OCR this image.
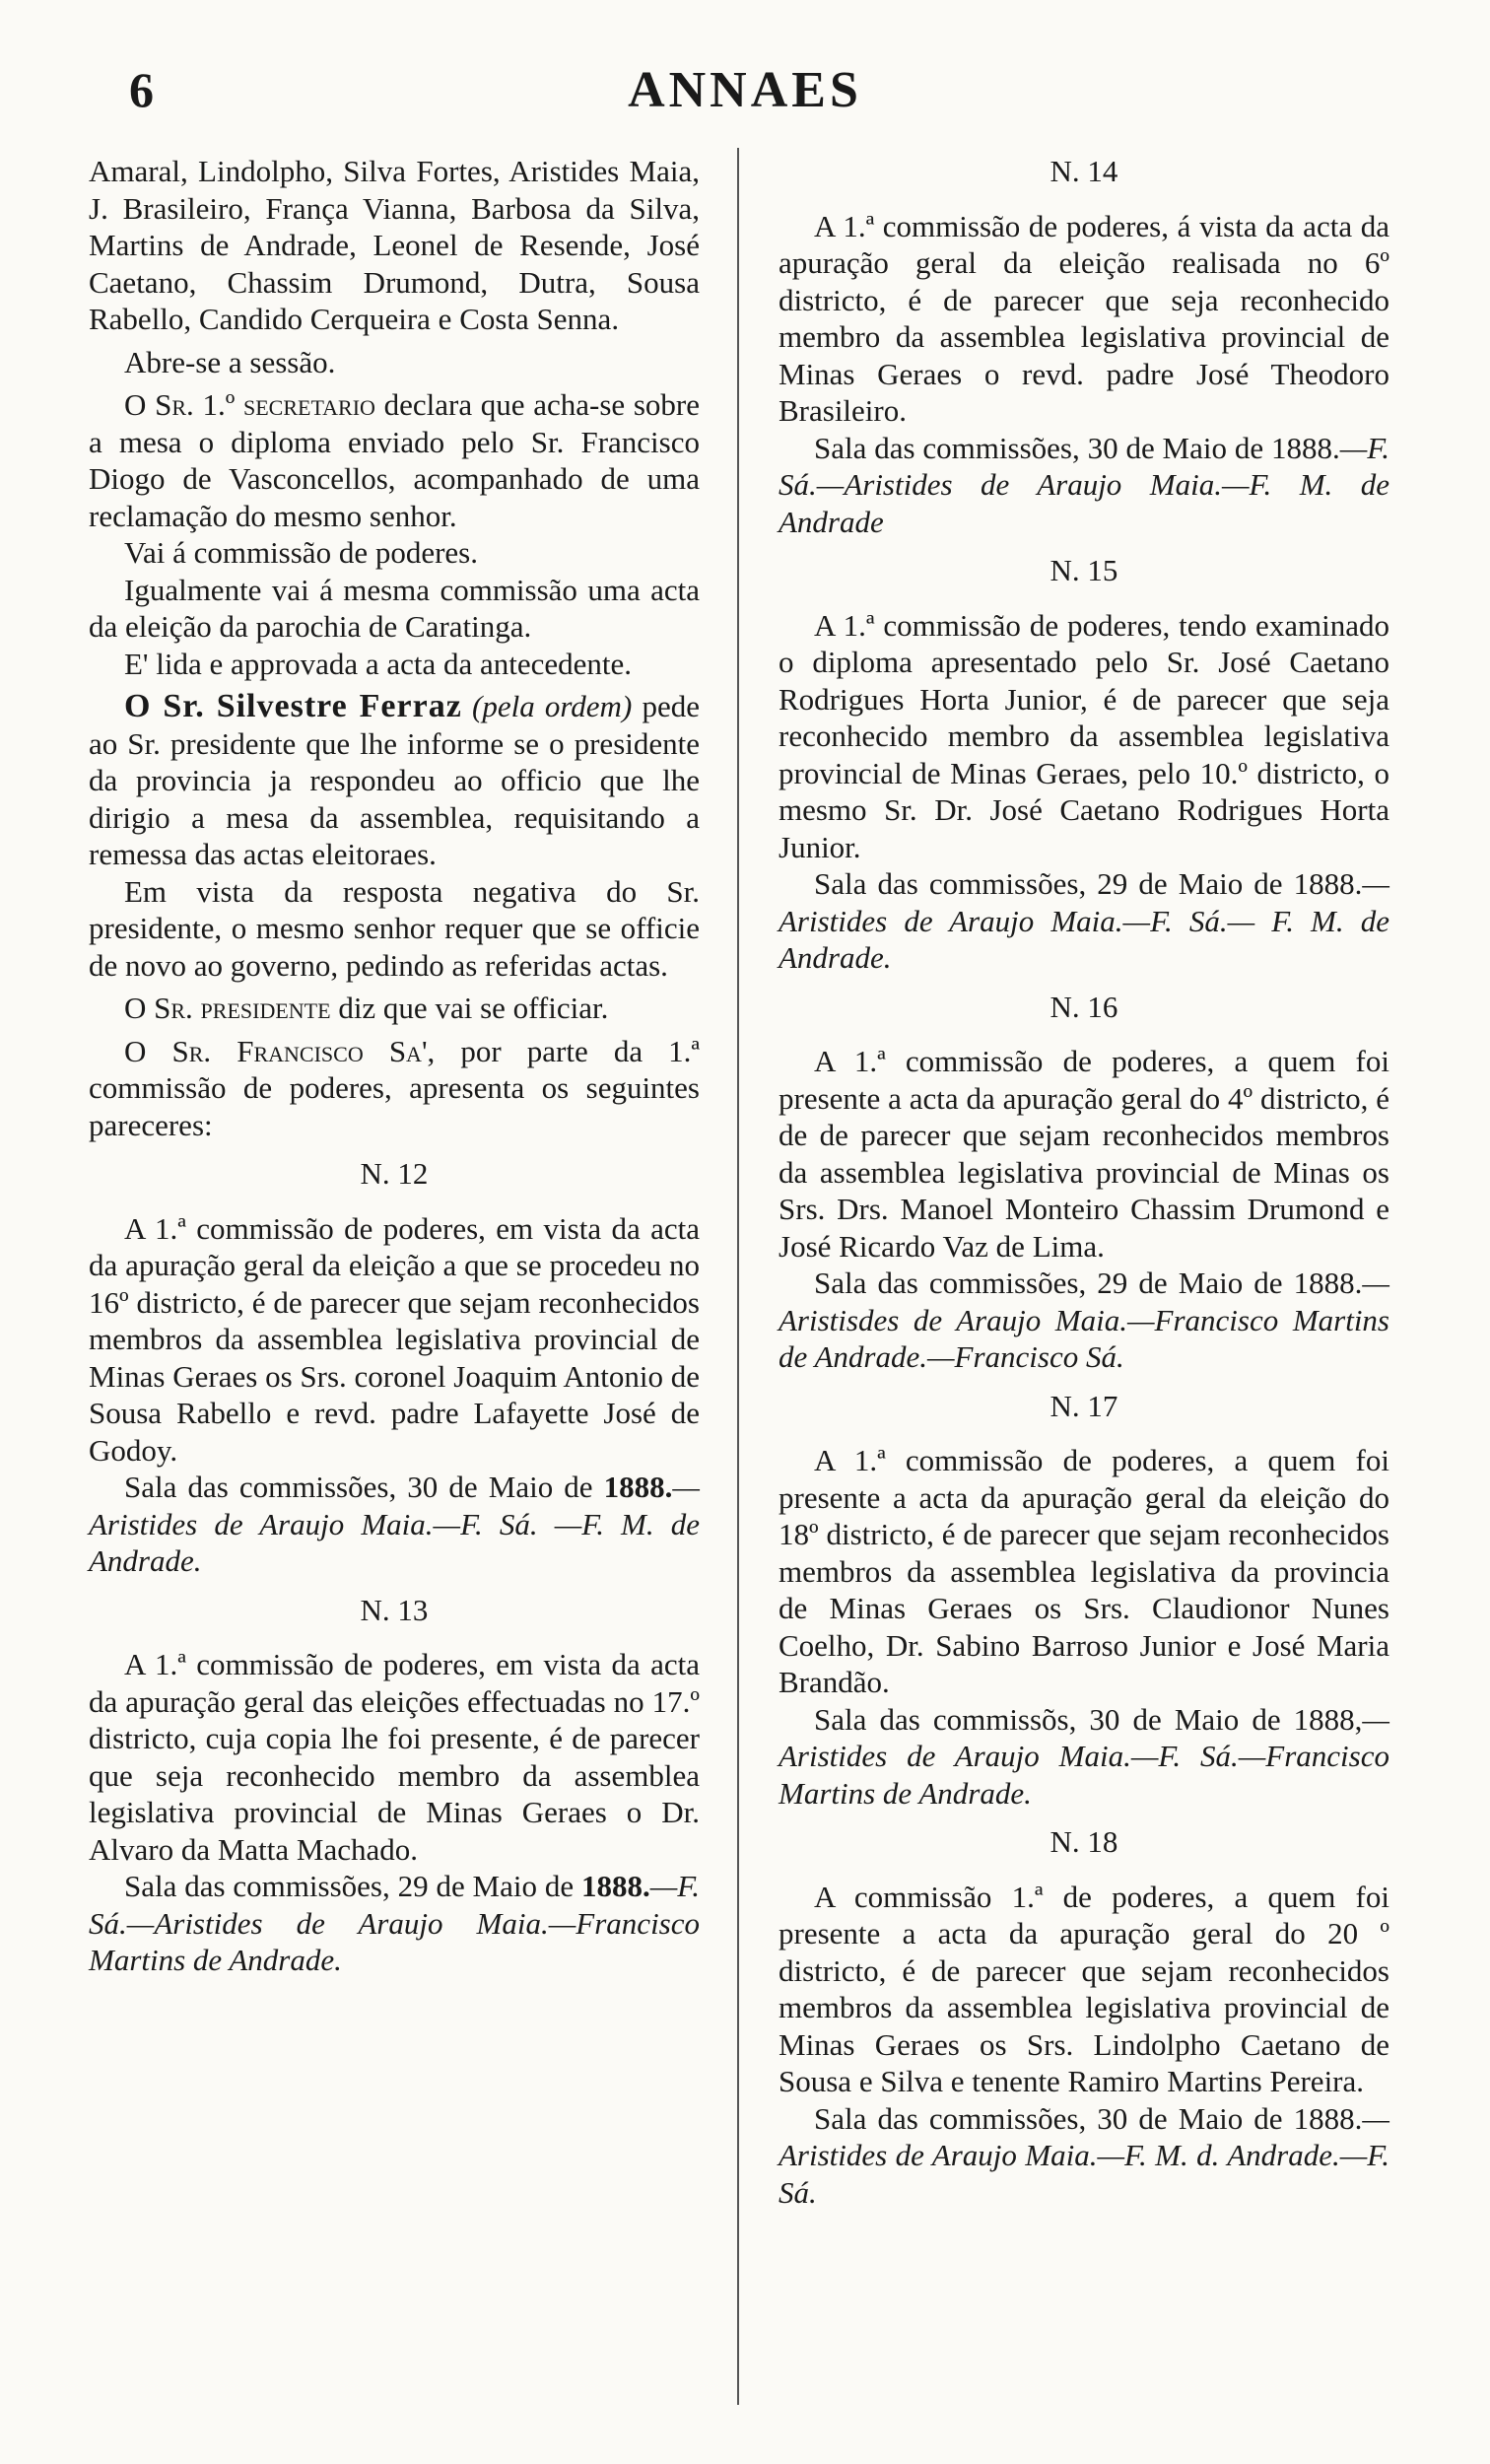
6	ANNAES

Amaral, Lindolpho, Silva Fortes, Aristides Maia, J. Brasileiro, França Vianna, Barbosa da Silva, Martins de Andrade, Leonel de Resende, José Caetano, Chassim Drumond, Dutra, Sousa Rabello, Candido Cerqueira e Costa Senna.

Abre-se a sessão.

O Sr. 1.º secretario declara que acha-se sobre a mesa o diploma enviado pelo Sr. Francisco Diogo de Vasconcellos, acompanhado de uma reclamação do mesmo senhor.

Vai á commissão de poderes.

Igualmente vai á mesma commissão uma acta da eleição da parochia de Caratinga.

E' lida e approvada a acta da antecedente.

O Sr. Silvestre Ferraz (pela ordem) pede ao Sr. presidente que lhe informe se o presidente da provincia ja respondeu ao officio que lhe dirigio a mesa da assemblea, requisitando a remessa das actas eleitoraes.

Em vista da resposta negativa do Sr. presidente, o mesmo senhor requer que se officie de novo ao governo, pedindo as referidas actas.

O Sr. presidente diz que vai se officiar.

O Sr. Francisco Sa', por parte da 1.ª commissão de poderes, apresenta os seguintes pareceres:

N. 12

A 1.ª commissão de poderes, em vista da acta da apuração geral da eleição a que se procedeu no 16º districto, é de parecer que sejam reconhecidos membros da assemblea legislativa provincial de Minas Geraes os Srs. coronel Joaquim Antonio de Sousa Rabello e revd. padre Lafayette José de Godoy.

Sala das commissões, 30 de Maio de 1888.—Aristides de Araujo Maia.—F. Sá. —F. M. de Andrade.

N. 13

A 1.ª commissão de poderes, em vista da acta da apuração geral das eleições effectuadas no 17.º districto, cuja copia lhe foi presente, é de parecer que seja reconhecido membro da assemblea legislativa provincial de Minas Geraes o Dr. Alvaro da Matta Machado.

Sala das commissões, 29 de Maio de 1888.—F. Sá.—Aristides de Araujo Maia.—Francisco Martins de Andrade.

N. 14

A 1.ª commissão de poderes, á vista da acta da apuração geral da eleição realisada no 6º districto, é de parecer que seja reconhecido membro da assemblea legislativa provincial de Minas Geraes o revd. padre José Theodoro Brasileiro.

Sala das commissões, 30 de Maio de 1888.—F. Sá.—Aristides de Araujo Maia.—F. M. de Andrade

N. 15

A 1.ª commissão de poderes, tendo examinado o diploma apresentado pelo Sr. José Caetano Rodrigues Horta Junior, é de parecer que seja reconhecido membro da assemblea legislativa provincial de Minas Geraes, pelo 10.º districto, o mesmo Sr. Dr. José Caetano Rodrigues Horta Junior.

Sala das commissões, 29 de Maio de 1888.—Aristides de Araujo Maia.—F. Sá.— F. M. de Andrade.

N. 16

A 1.ª commissão de poderes, a quem foi presente a acta da apuração geral do 4º districto, é de de parecer que sejam reconhecidos membros da assemblea legislativa provincial de Minas os Srs. Drs. Manoel Monteiro Chassim Drumond e José Ricardo Vaz de Lima.

Sala das commissões, 29 de Maio de 1888.—Aristisdes de Araujo Maia.—Francisco Martins de Andrade.—Francisco Sá.

N. 17

A 1.ª commissão de poderes, a quem foi presente a acta da apuração geral da eleição do 18º districto, é de parecer que sejam reconhecidos membros da assemblea legislativa da provincia de Minas Geraes os Srs. Claudionor Nunes Coelho, Dr. Sabino Barroso Junior e José Maria Brandão.

Sala das commissõs, 30 de Maio de 1888,—Aristides de Araujo Maia.—F. Sá.—Francisco Martins de Andrade.

N. 18

A commissão 1.ª de poderes, a quem foi presente a acta da apuração geral do 20 º districto, é de parecer que sejam reconhecidos membros da assemblea legislativa provincial de Minas Geraes os Srs. Lindolpho Caetano de Sousa e Silva e tenente Ramiro Martins Pereira.

Sala das commissões, 30 de Maio de 1888.—Aristides de Araujo Maia.—F. M. d. Andrade.—F. Sá.
